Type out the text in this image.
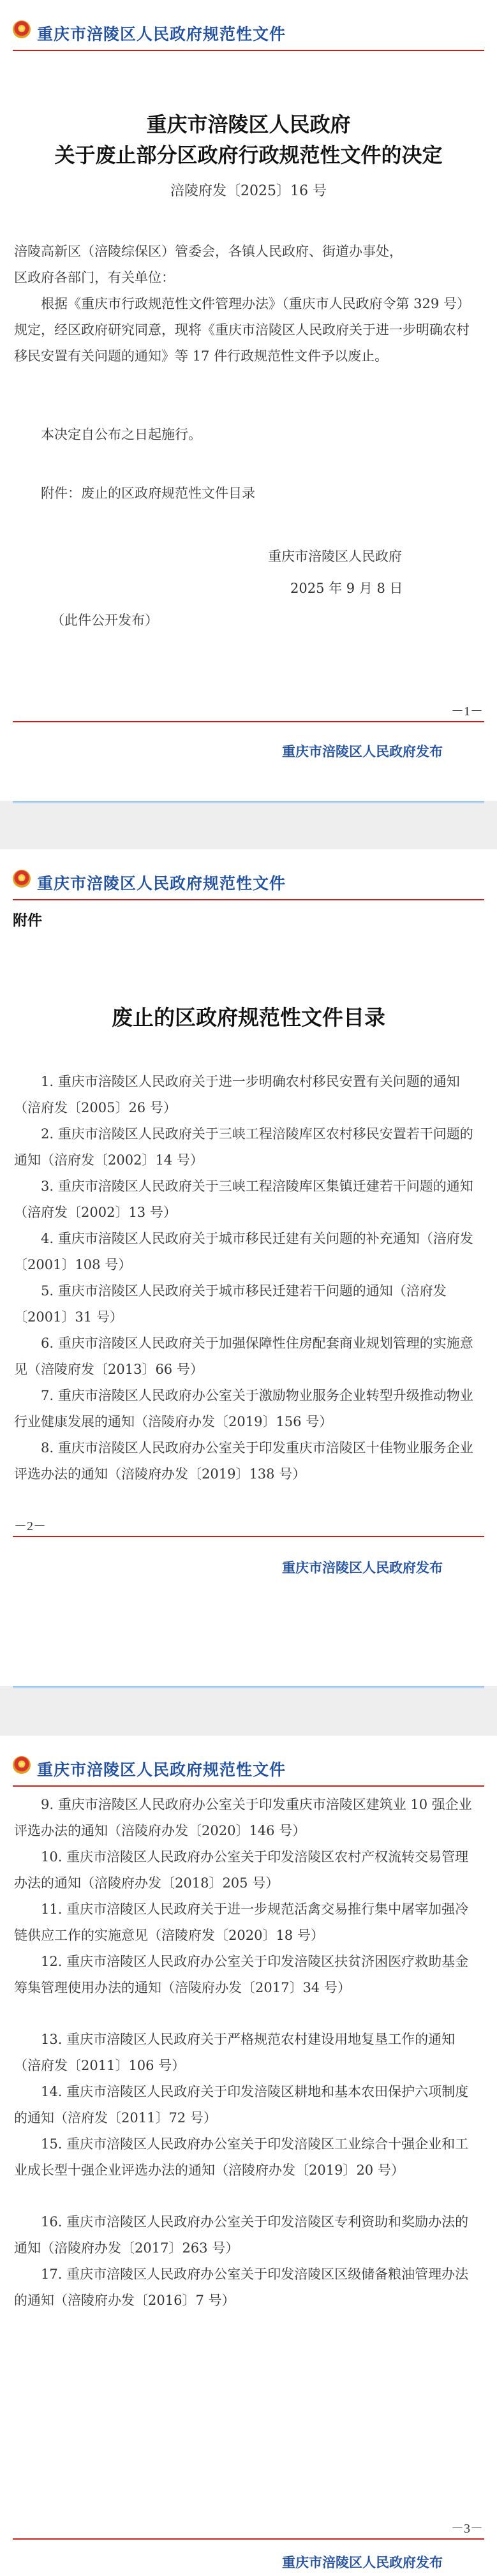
重庆市涪陵区人民政府规范性文件
重庆市涪陵区人民政府
关于废止部分区政府行政规范性文件的决定
涪陵府发〔2025〕16 号
涪陵高新区（涪陵综保区）管委会，各镇人民政府、街道办事处，
区政府各部门，有关单位：
根据《重庆市行政规范性文件管理办法》（重庆市人民政府令第 329 号）规定，经区政府研究同意，现将《重庆市涪陵区人民政府关于进一步明确农村移民安置有关问题的通知》等 17 件行政规范性文件予以废止。
本决定自公布之日起施行。
附件：废止的区政府规范性文件目录
重庆市涪陵区人民政府
2025 年 9 月 8 日
（此件公开发布）
－1－
重庆市涪陵区人民政府发布
重庆市涪陵区人民政府规范性文件
附件
废止的区政府规范性文件目录
1. 重庆市涪陵区人民政府关于进一步明确农村移民安置有关问题的通知（涪府发〔2005〕26 号）
2. 重庆市涪陵区人民政府关于三峡工程涪陵库区农村移民安置若干问题的通知（涪府发〔2002〕14 号）
3. 重庆市涪陵区人民政府关于三峡工程涪陵库区集镇迁建若干问题的通知（涪府发〔2002〕13 号）
4. 重庆市涪陵区人民政府关于城市移民迁建有关问题的补充通知（涪府发〔2001〕108 号）
5. 重庆市涪陵区人民政府关于城市移民迁建若干问题的通知（涪府发〔2001〕31 号）
6. 重庆市涪陵区人民政府关于加强保障性住房配套商业规划管理的实施意见（涪陵府发〔2013〕66 号）
7. 重庆市涪陵区人民政府办公室关于激励物业服务企业转型升级推动物业行业健康发展的通知（涪陵府办发〔2019〕156 号）
8. 重庆市涪陵区人民政府办公室关于印发重庆市涪陵区十佳物业服务企业评选办法的通知（涪陵府办发〔2019〕138 号）
－2－
重庆市涪陵区人民政府发布
重庆市涪陵区人民政府规范性文件
9. 重庆市涪陵区人民政府办公室关于印发重庆市涪陵区建筑业 10 强企业评选办法的通知（涪陵府办发〔2020〕146 号）
10. 重庆市涪陵区人民政府办公室关于印发涪陵区农村产权流转交易管理办法的通知（涪陵府办发〔2018〕205 号）
11. 重庆市涪陵区人民政府关于进一步规范活禽交易推行集中屠宰加强冷链供应工作的实施意见（涪陵府发〔2020〕18 号）
12. 重庆市涪陵区人民政府办公室关于印发涪陵区扶贫济困医疗救助基金筹集管理使用办法的通知（涪陵府办发〔2017〕34 号）
13. 重庆市涪陵区人民政府关于严格规范农村建设用地复垦工作的通知（涪府发〔2011〕106 号）
14. 重庆市涪陵区人民政府关于印发涪陵区耕地和基本农田保护六项制度的通知（涪府发〔2011〕72 号）
15. 重庆市涪陵区人民政府办公室关于印发涪陵区工业综合十强企业和工业成长型十强企业评选办法的通知（涪陵府办发〔2019〕20 号）
16. 重庆市涪陵区人民政府办公室关于印发涪陵区专利资助和奖励办法的通知（涪陵府办发〔2017〕263 号）
17. 重庆市涪陵区人民政府办公室关于印发涪陵区区级储备粮油管理办法的通知（涪陵府办发〔2016〕7 号）
－3－
重庆市涪陵区人民政府发布
